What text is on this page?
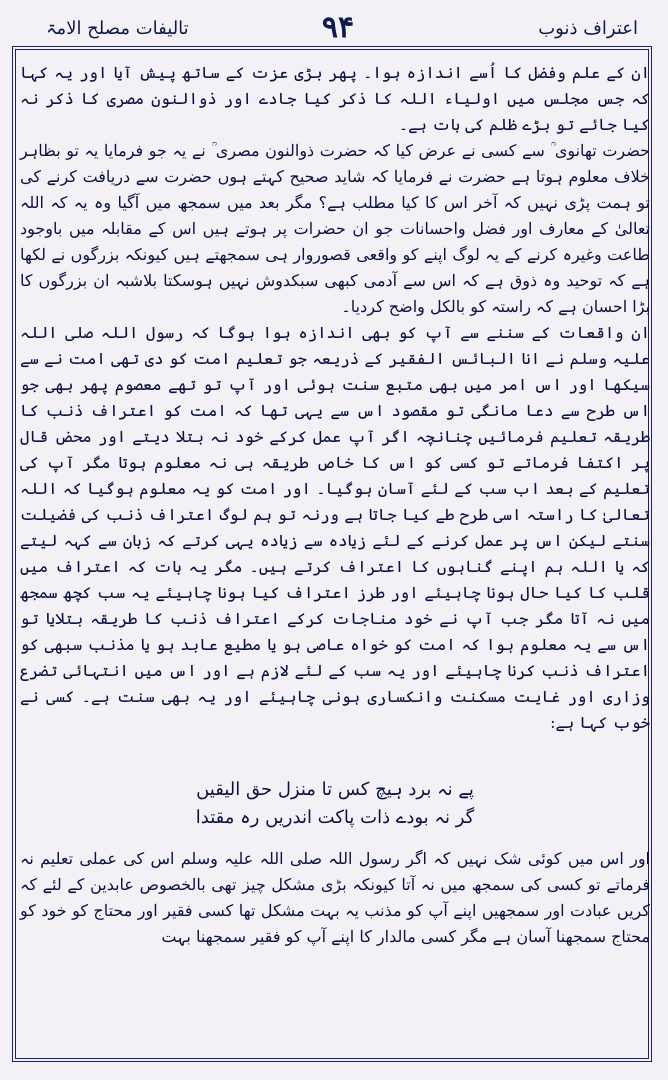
اعتراف ذنوب
۹۴
تالیفات مصلح الامۃ

ان کے علم وفضل کا اُسے اندازہ ہوا۔ پھر بڑی عزت کے ساتھ پیش آیا اور یہ کہا کہ جس مجلس میں اولیاء اللہ کا ذکر کیا جادے اور ذوالنون مصری کا ذکر نہ کیا جائے تو بڑے ظلم کی بات ہے۔

حضرت تھانوی ؒ سے کسی نے عرض کیا کہ حضرت ذوالنون مصری ؒ نے یہ جو فرمایا یہ تو بظاہر خلاف معلوم ہوتا ہے حضرت نے فرمایا کہ شاید صحیح کہتے ہوں حضرت سے دریافت کرنے کی تو ہمت پڑی نہیں کہ آخر اس کا کیا مطلب ہے؟ مگر بعد میں سمجھ میں آگیا وہ یہ کہ اللہ تعالیٰ کے معارف اور فضل واحسانات جو ان حضرات پر ہوتے ہیں اس کے مقابلہ میں باوجود طاعت وغیرہ کرنے کے یہ لوگ اپنے کو واقعی قصوروار ہی سمجھتے ہیں کیونکہ بزرگوں نے لکھا ہے کہ توحید وہ ذوق ہے کہ اس سے آدمی کبھی سبکدوش نہیں ہوسکتا بلاشبہ ان بزرگوں کا بڑا احسان ہے کہ راستہ کو بالکل واضح کردیا۔

ان واقعات کے سننے سے آپ کو بھی اندازہ ہوا ہوگا کہ رسول اللہ صلی اللہ علیہ وسلم نے انا البائس الفقیر کے ذریعہ جو تعلیم امت کو دی تھی امت نے سے سیکھا اور اس امر میں بھی متبع سنت ہوئی اور آپ تو تھے معصوم پھر بھی جو اس طرح سے دعا مانگی تو مقصود اس سے یہی تھا کہ امت کو اعتراف ذنب کا طریقہ تعلیم فرمائیں چنانچہ اگر آپ عمل کرکے خود نہ بتلا دیتے اور محض قال پر اکتفا فرماتے تو کسی کو اس کا خاص طریقہ ہی نہ معلوم ہوتا مگر آپ کی تعلیم کے بعد اب سب کے لئے آسان ہوگیا۔ اور امت کو یہ معلوم ہوگیا کہ اللہ تعالیٰ کا راستہ اسی طرح طے کیا جاتا ہے ورنہ تو ہم لوگ اعتراف ذنب کی فضیلت سنتے لیکن اس پر عمل کرنے کے لئے زیادہ سے زیادہ یہی کرتے کہ زبان سے کہہ لیتے کہ یا اللہ ہم اپنے گناہوں کا اعتراف کرتے ہیں۔ مگر یہ بات کہ اعتراف میں قلب کا کیا حال ہونا چاہیئے اور طرز اعتراف کیا ہونا چاہیئے یہ سب کچھ سمجھ میں نہ آتا مگر جب آپ نے خود مناجات کرکے اعتراف ذنب کا طریقہ بتلایا تو اس سے یہ معلوم ہوا کہ امت کو خواہ عاصی ہو یا مطیع عابد ہو یا مذنب سبھی کو اعتراف ذنب کرنا چاہیئے اور یہ سب کے لئے لازم ہے اور اس میں انتہائی تضرع وزاری اور غایت مسکنت وانکساری ہونی چاہیئے اور یہ بھی سنت ہے۔ کسی نے خوب کہا ہے:

پے نہ برد ہیچ کس تا منزل حق الیقیں
گر نہ بودے ذات پاکت اندریں رہ مقتدا

اور اس میں کوئی شک نہیں کہ اگر رسول اللہ صلی اللہ علیہ وسلم اس کی عملی تعلیم نہ فرماتے تو کسی کی سمجھ میں نہ آتا کیونکہ بڑی مشکل چیز تھی بالخصوص عابدین کے لئے کہ کریں عبادت اور سمجھیں اپنے آپ کو مذنب یہ بہت مشکل تھا کسی فقیر اور محتاج کو خود کو محتاج سمجھنا آسان ہے مگر کسی مالدار کا اپنے آپ کو فقیر سمجھنا بہت
